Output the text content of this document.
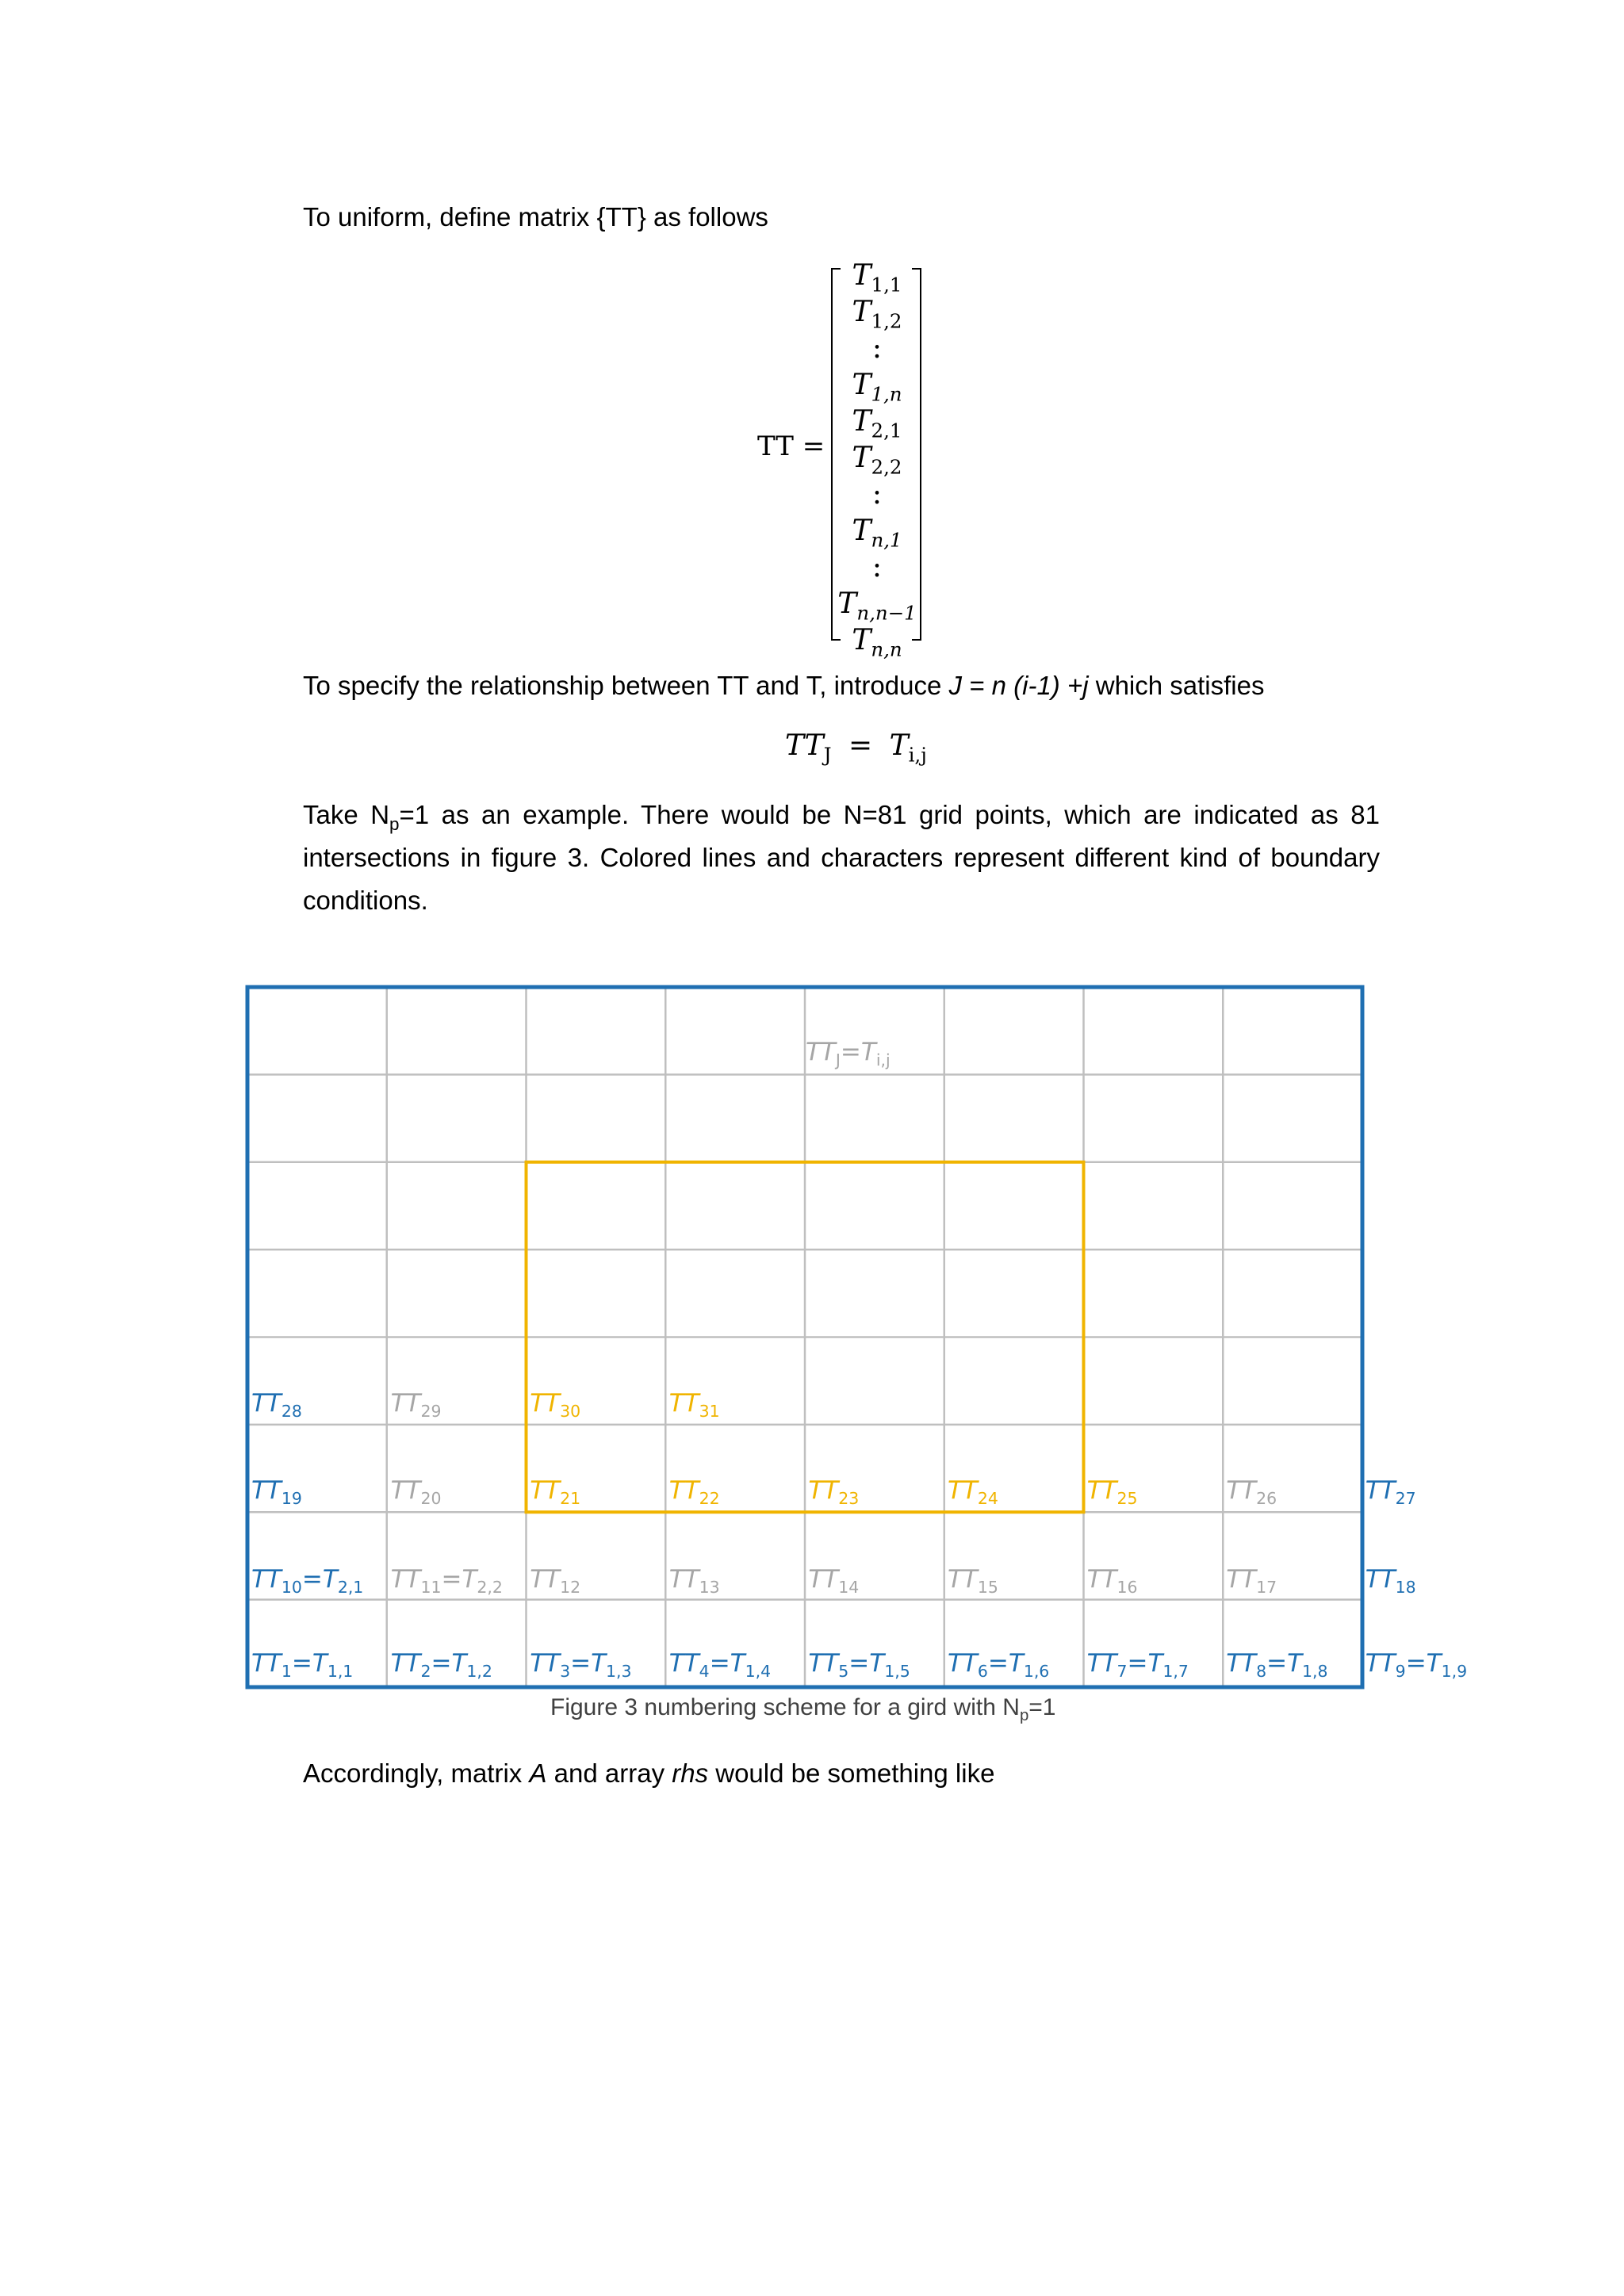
To uniform, define matrix {TT} as follows
TT =
$T_{1,1}$
$T_{1,2}$
:
$T_{1,n}$
$T_{2,1}$
$T_{2,2}$
:
$T_{n,1}$
:
$T_{n,n-1}$
$T_{n,n}$
To specify the relationship between TT and T, introduce J = n (i-1) +j which satisfies
$TT_J = T_{i,j}$
Take $N_p=1$ as an example. There would be N=81 grid points, which are indicated as 81 intersections in figure 3. Colored lines and characters represent different kind of boundary conditions.
$TT_J=T_{i,j}$
$TT_{28}$	$TT_{29}$	$TT_{30}$	$TT_{31}$
$TT_{19}$	$TT_{20}$	$TT_{21}$	$TT_{22}$	$TT_{23}$	$TT_{24}$	$TT_{25}$	$TT_{26}$	$TT_{27}$
$TT_{10}=T_{2,1}$ $TT_{11}=T_{2,2}$ $TT_{12}$	$TT_{13}$	$TT_{14}$	$TT_{15}$	$TT_{16}$	$TT_{17}$	$TT_{18}$
$TT_1=T_{1,1}$ $TT_2=T_{1,2}$ $TT_3=T_{1,3}$ $TT_4=T_{1,4}$ $TT_5=T_{1,5}$ $TT_6=T_{1,6}$ $TT_7=T_{1,7}$ $TT_8=T_{1,8}$ $TT_9=T_{1,9}$
Figure 3 numbering scheme for a gird with $N_p=1$
Accordingly, matrix A and array rhs would be something like
